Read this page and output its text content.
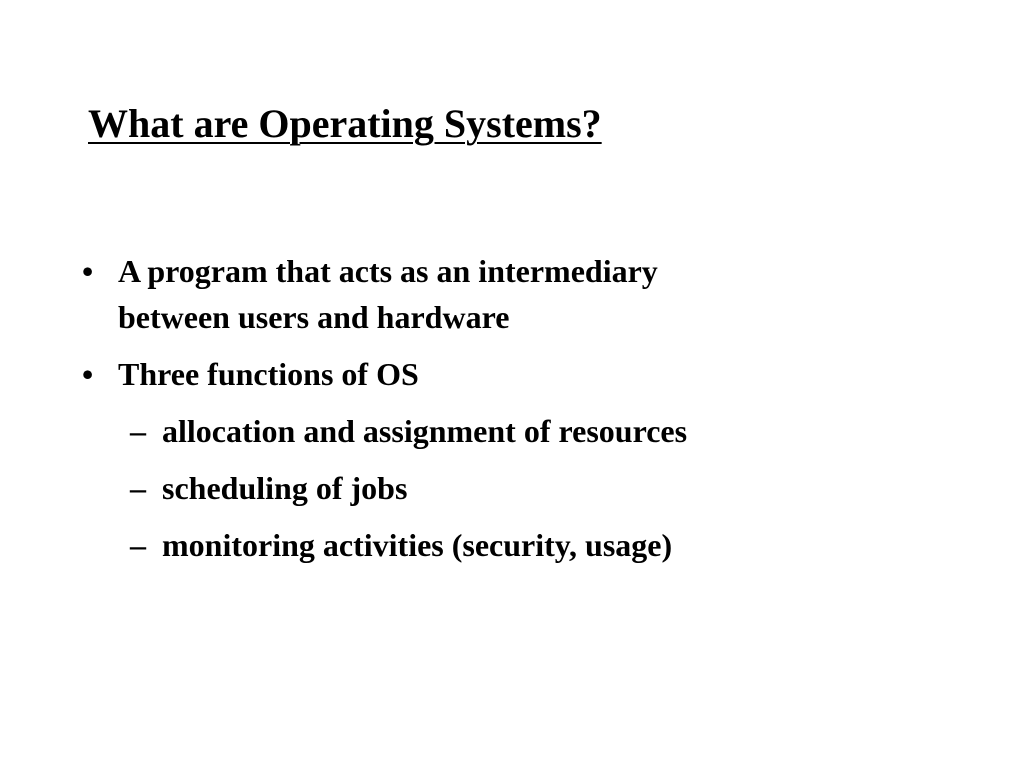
What are Operating Systems?
• A program that acts as an intermediary
between users and hardware
• Three functions of OS
– allocation and assignment of resources
– scheduling of jobs
– monitoring activities (security, usage)
